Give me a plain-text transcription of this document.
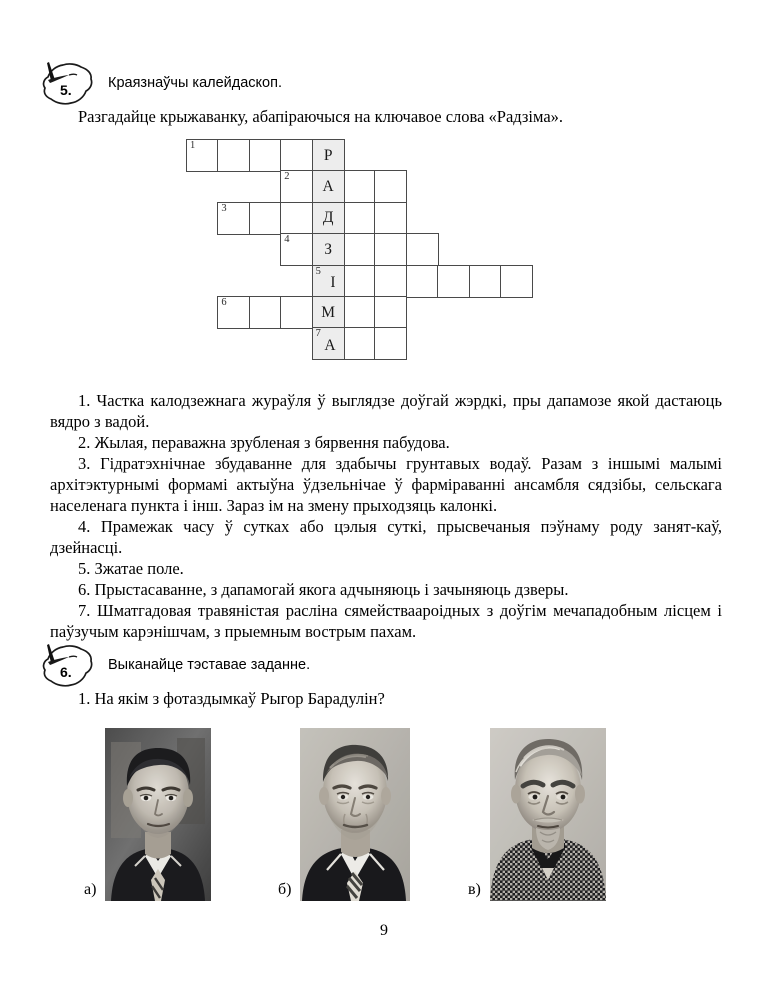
5.	Краязнаўчы калейдаскоп.
Разгадайце крыжаванку, абапіраючыся на ключавое слова «Радзіма».
1
Р
2
А
3
Д
4
З
5
І
6
М
7
А
1. Частка калодзежнага жураўля ў выглядзе доўгай жэрдкі, пры дапамозе якой дастаюць вядро з вадой.
2. Жылая, пераважна зрубленая з бярвення пабудова.
3. Гідратэхнічнае збудаванне для здабычы грунтавых водаў. Разам з іншымі малымі архітэктурнымі формамі актыўна ўдзельнічае ў фарміраванні ансамбля сядзібы, сельскага населенага пункта і інш. Зараз ім на змену прыходзяць калонкі.
4. Прамежак часу ў сутках або цэлыя суткі, прысвечаныя пэўнаму роду занят-каў, дзейнасці.
5. Зжатае поле.
6. Прыстасаванне, з дапамогай якога адчыняюць і зачыняюць дзверы.
7. Шматгадовая травяністая расліна сямействаароідных з доўгім мечападобным лісцем і паўзучым карэнішчам, з прыемным вострым пахам.
6.	Выканайце тэставае заданне.
1. На якім з фотаздымкаў Рыгор Барадулін?
а)	б)	в)
9
